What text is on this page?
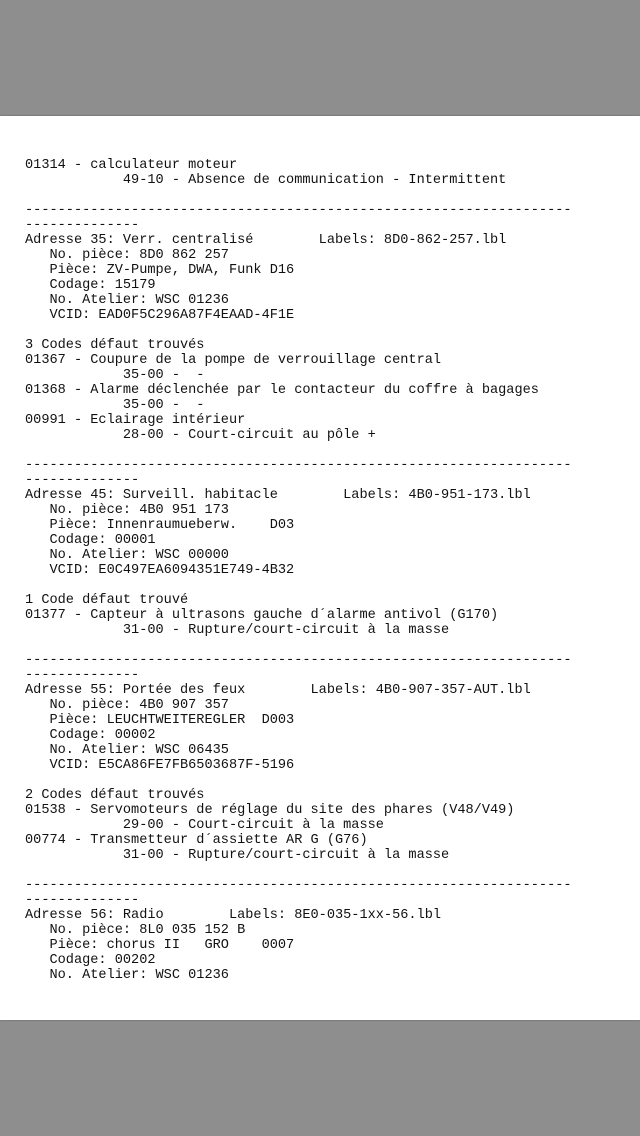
01314 - calculateur moteur
49-10 - Absence de communication - Intermittent
-------------------------------------------------------------------
--------------
Adresse 35: Verr. centralisé        Labels: 8D0-862-257.lbl
No. pièce: 8D0 862 257
Pièce: ZV-Pumpe, DWA, Funk D16
Codage: 15179
No. Atelier: WSC 01236
VCID: EAD0F5C296A87F4EAAD-4F1E
3 Codes défaut trouvés
01367 - Coupure de la pompe de verrouillage central
35-00 -  -
01368 - Alarme déclenchée par le contacteur du coffre à bagages
35-00 -  -
00991 - Eclairage intérieur
28-00 - Court-circuit au pôle +
-------------------------------------------------------------------
--------------
Adresse 45: Surveill. habitacle        Labels: 4B0-951-173.lbl
No. pièce: 4B0 951 173
Pièce: Innenraumueberw.    D03
Codage: 00001
No. Atelier: WSC 00000
VCID: E0C497EA6094351E749-4B32
1 Code défaut trouvé
01377 - Capteur à ultrasons gauche d´alarme antivol (G170)
31-00 - Rupture/court-circuit à la masse
-------------------------------------------------------------------
--------------
Adresse 55: Portée des feux        Labels: 4B0-907-357-AUT.lbl
No. pièce: 4B0 907 357
Pièce: LEUCHTWEITEREGLER  D003
Codage: 00002
No. Atelier: WSC 06435
VCID: E5CA86FE7FB6503687F-5196
2 Codes défaut trouvés
01538 - Servomoteurs de réglage du site des phares (V48/V49)
29-00 - Court-circuit à la masse
00774 - Transmetteur d´assiette AR G (G76)
31-00 - Rupture/court-circuit à la masse
-------------------------------------------------------------------
--------------
Adresse 56: Radio        Labels: 8E0-035-1xx-56.lbl
No. pièce: 8L0 035 152 B
Pièce: chorus II   GRO    0007
Codage: 00202
No. Atelier: WSC 01236
